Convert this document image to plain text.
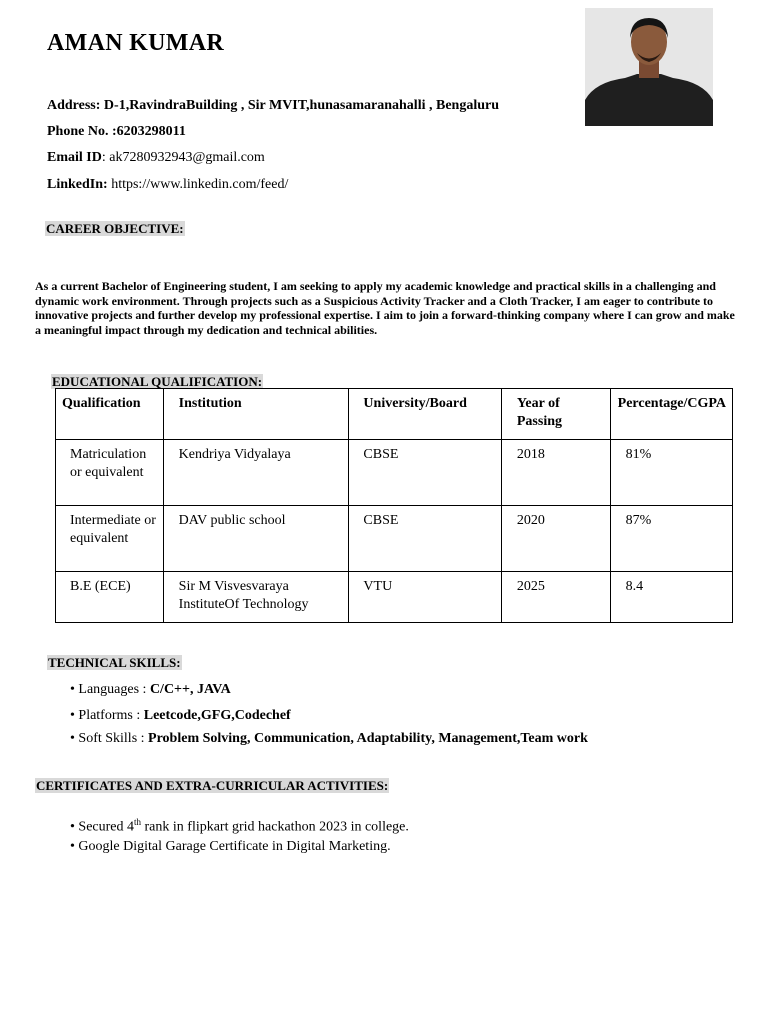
AMAN KUMAR
Address: D-1,RavindraBuilding , Sir MVIT,hunasamaranahalli , Bengaluru
Phone No. :6203298011
Email ID: ak7280932943@gmail.com
LinkedIn: https://www.linkedin.com/feed/
CAREER OBJECTIVE:
As a current Bachelor of Engineering student, I am seeking to apply my academic knowledge and practical skills in a challenging and dynamic work environment. Through projects such as a Suspicious Activity Tracker and a Cloth Tracker, I am eager to contribute to innovative projects and further develop my professional expertise. I aim to join a forward-thinking company where I can grow and make a meaningful impact through my dedication and technical abilities.
EDUCATIONAL QUALIFICATION:
Qualification	Institution	University/Board	Year of Passing	Percentage/CGPA
Matriculation or equivalent	Kendriya Vidyalaya	CBSE	2018	81%
Intermediate or equivalent	DAV public school	CBSE	2020	87%
B.E (ECE)	Sir M Visvesvaraya InstituteOf Technology	VTU	2025	8.4
TECHNICAL SKILLS:
• Languages : C/C++, JAVA
• Platforms : Leetcode,GFG,Codechef
• Soft Skills : Problem Solving, Communication, Adaptability, Management,Team work
CERTIFICATES AND EXTRA-CURRICULAR ACTIVITIES:
• Secured 4th rank in flipkart grid hackathon 2023 in college.
• Google Digital Garage Certificate in Digital Marketing.
